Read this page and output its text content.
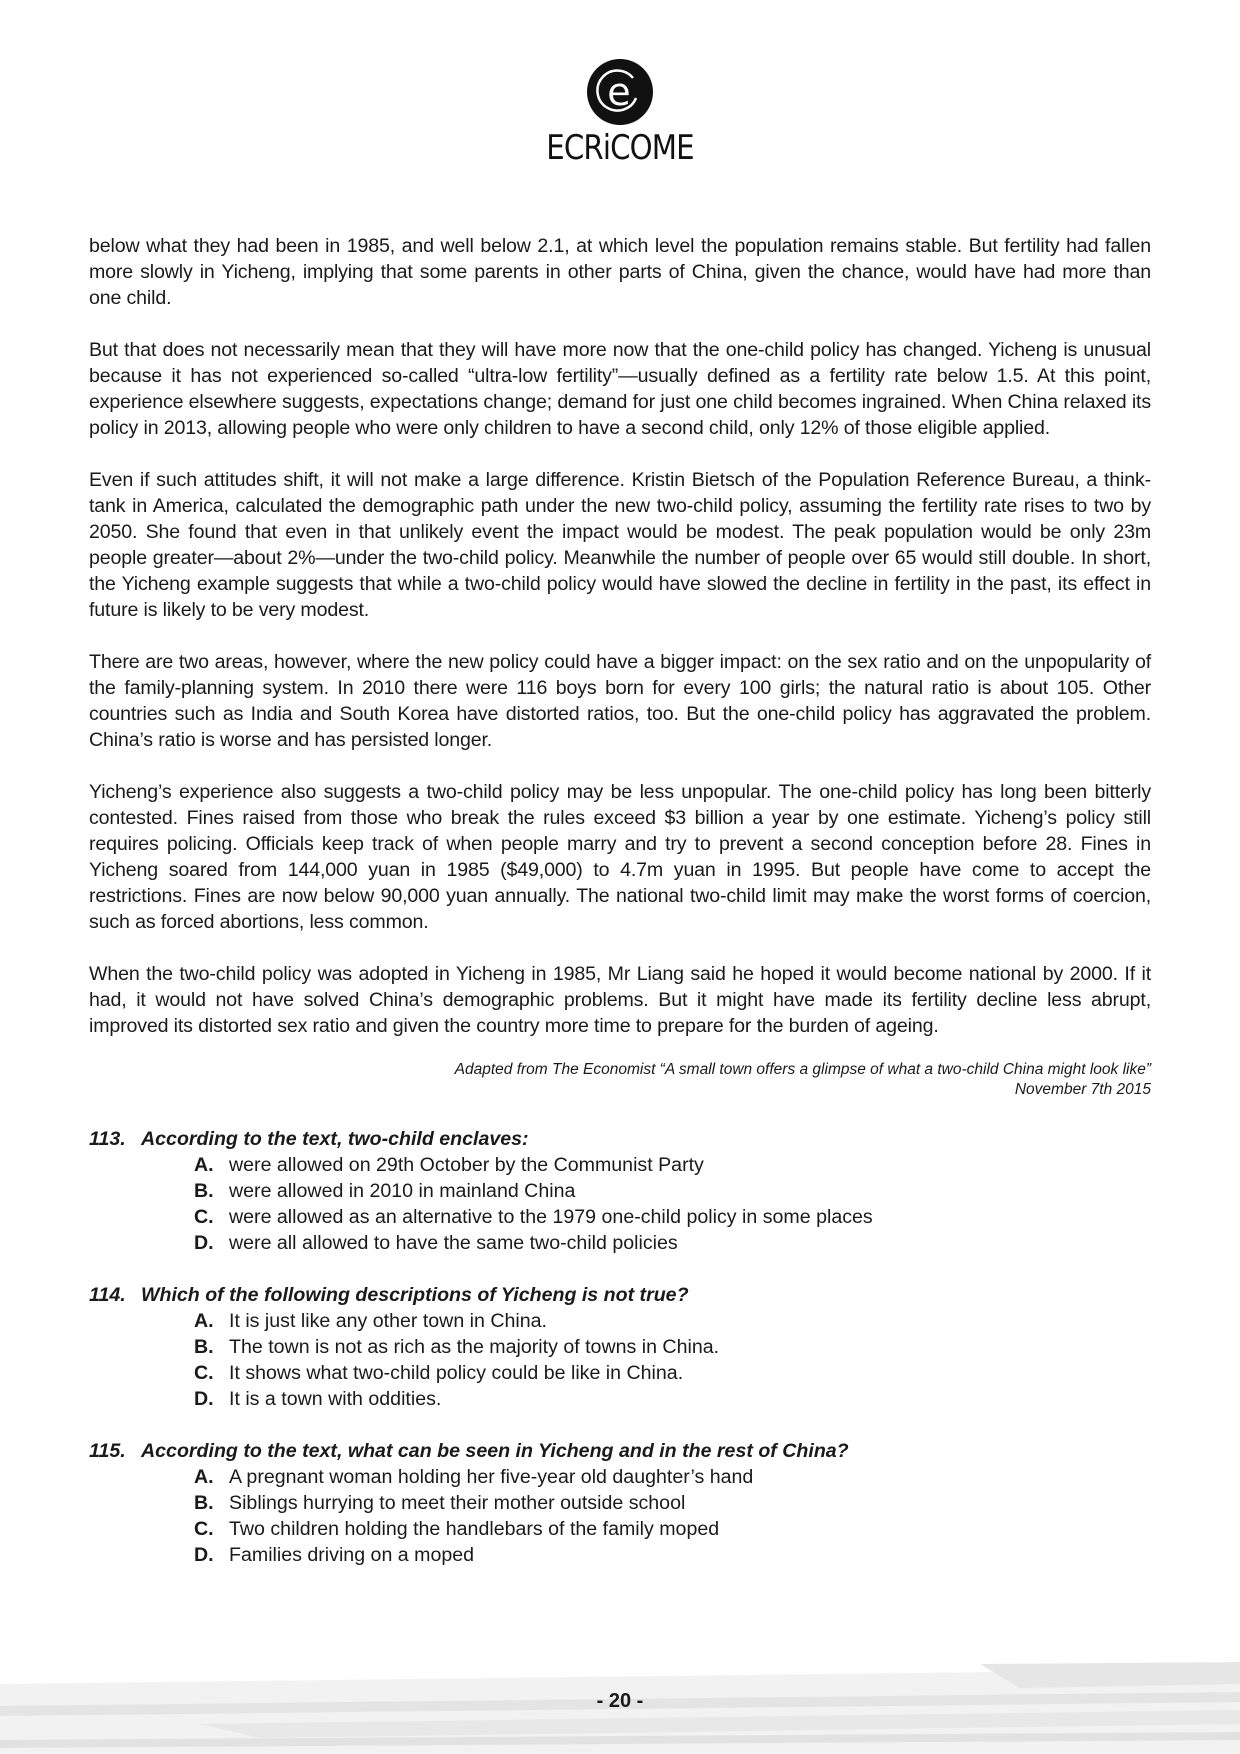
e
ECRiCOME

below what they had been in 1985, and well below 2.1, at which level the population remains stable. But fertility had fallen more slowly in Yicheng, implying that some parents in other parts of China, given the chance, would have had more than one child.

But that does not necessarily mean that they will have more now that the one-child policy has changed. Yicheng is unusual because it has not experienced so-called “ultra-low fertility”—usually defined as a fertility rate below 1.5. At this point, experience elsewhere suggests, expectations change; demand for just one child becomes ingrained. When China relaxed its policy in 2013, allowing people who were only children to have a second child, only 12% of those eligible applied.

Even if such attitudes shift, it will not make a large difference. Kristin Bietsch of the Population Reference Bureau, a think-tank in America, calculated the demographic path under the new two-child policy, assuming the fertility rate rises to two by 2050. She found that even in that unlikely event the impact would be modest. The peak population would be only 23m people greater—about 2%—under the two-child policy. Meanwhile the number of people over 65 would still double. In short, the Yicheng example suggests that while a two-child policy would have slowed the decline in fertility in the past, its effect in future is likely to be very modest.

There are two areas, however, where the new policy could have a bigger impact: on the sex ratio and on the unpopularity of the family-planning system. In 2010 there were 116 boys born for every 100 girls; the natural ratio is about 105. Other countries such as India and South Korea have distorted ratios, too. But the one-child policy has aggravated the problem. China’s ratio is worse and has persisted longer.

Yicheng’s experience also suggests a two-child policy may be less unpopular. The one-child policy has long been bitterly contested. Fines raised from those who break the rules exceed $3 billion a year by one estimate. Yicheng’s policy still requires policing. Officials keep track of when people marry and try to prevent a second conception before 28. Fines in Yicheng soared from 144,000 yuan in 1985 ($49,000) to 4.7m yuan in 1995. But people have come to accept the restrictions. Fines are now below 90,000 yuan annually. The national two-child limit may make the worst forms of coercion, such as forced abortions, less common.

When the two-child policy was adopted in Yicheng in 1985, Mr Liang said he hoped it would become national by 2000. If it had, it would not have solved China’s demographic problems. But it might have made its fertility decline less abrupt, improved its distorted sex ratio and given the country more time to prepare for the burden of ageing.

Adapted from The Economist “A small town offers a glimpse of what a two-child China might look like”
November 7th 2015
113. According to the text, two-child enclaves:
A. were allowed on 29th October by the Communist Party
B. were allowed in 2010 in mainland China
C. were allowed as an alternative to the 1979 one-child policy in some places
D. were all allowed to have the same two-child policies
114. Which of the following descriptions of Yicheng is not true?
A. It is just like any other town in China.
B. The town is not as rich as the majority of towns in China.
C. It shows what two-child policy could be like in China.
D. It is a town with oddities.
115. According to the text, what can be seen in Yicheng and in the rest of China?
A. A pregnant woman holding her five-year old daughter’s hand
B. Siblings hurrying to meet their mother outside school
C. Two children holding the handlebars of the family moped
D. Families driving on a moped
- 20 -
